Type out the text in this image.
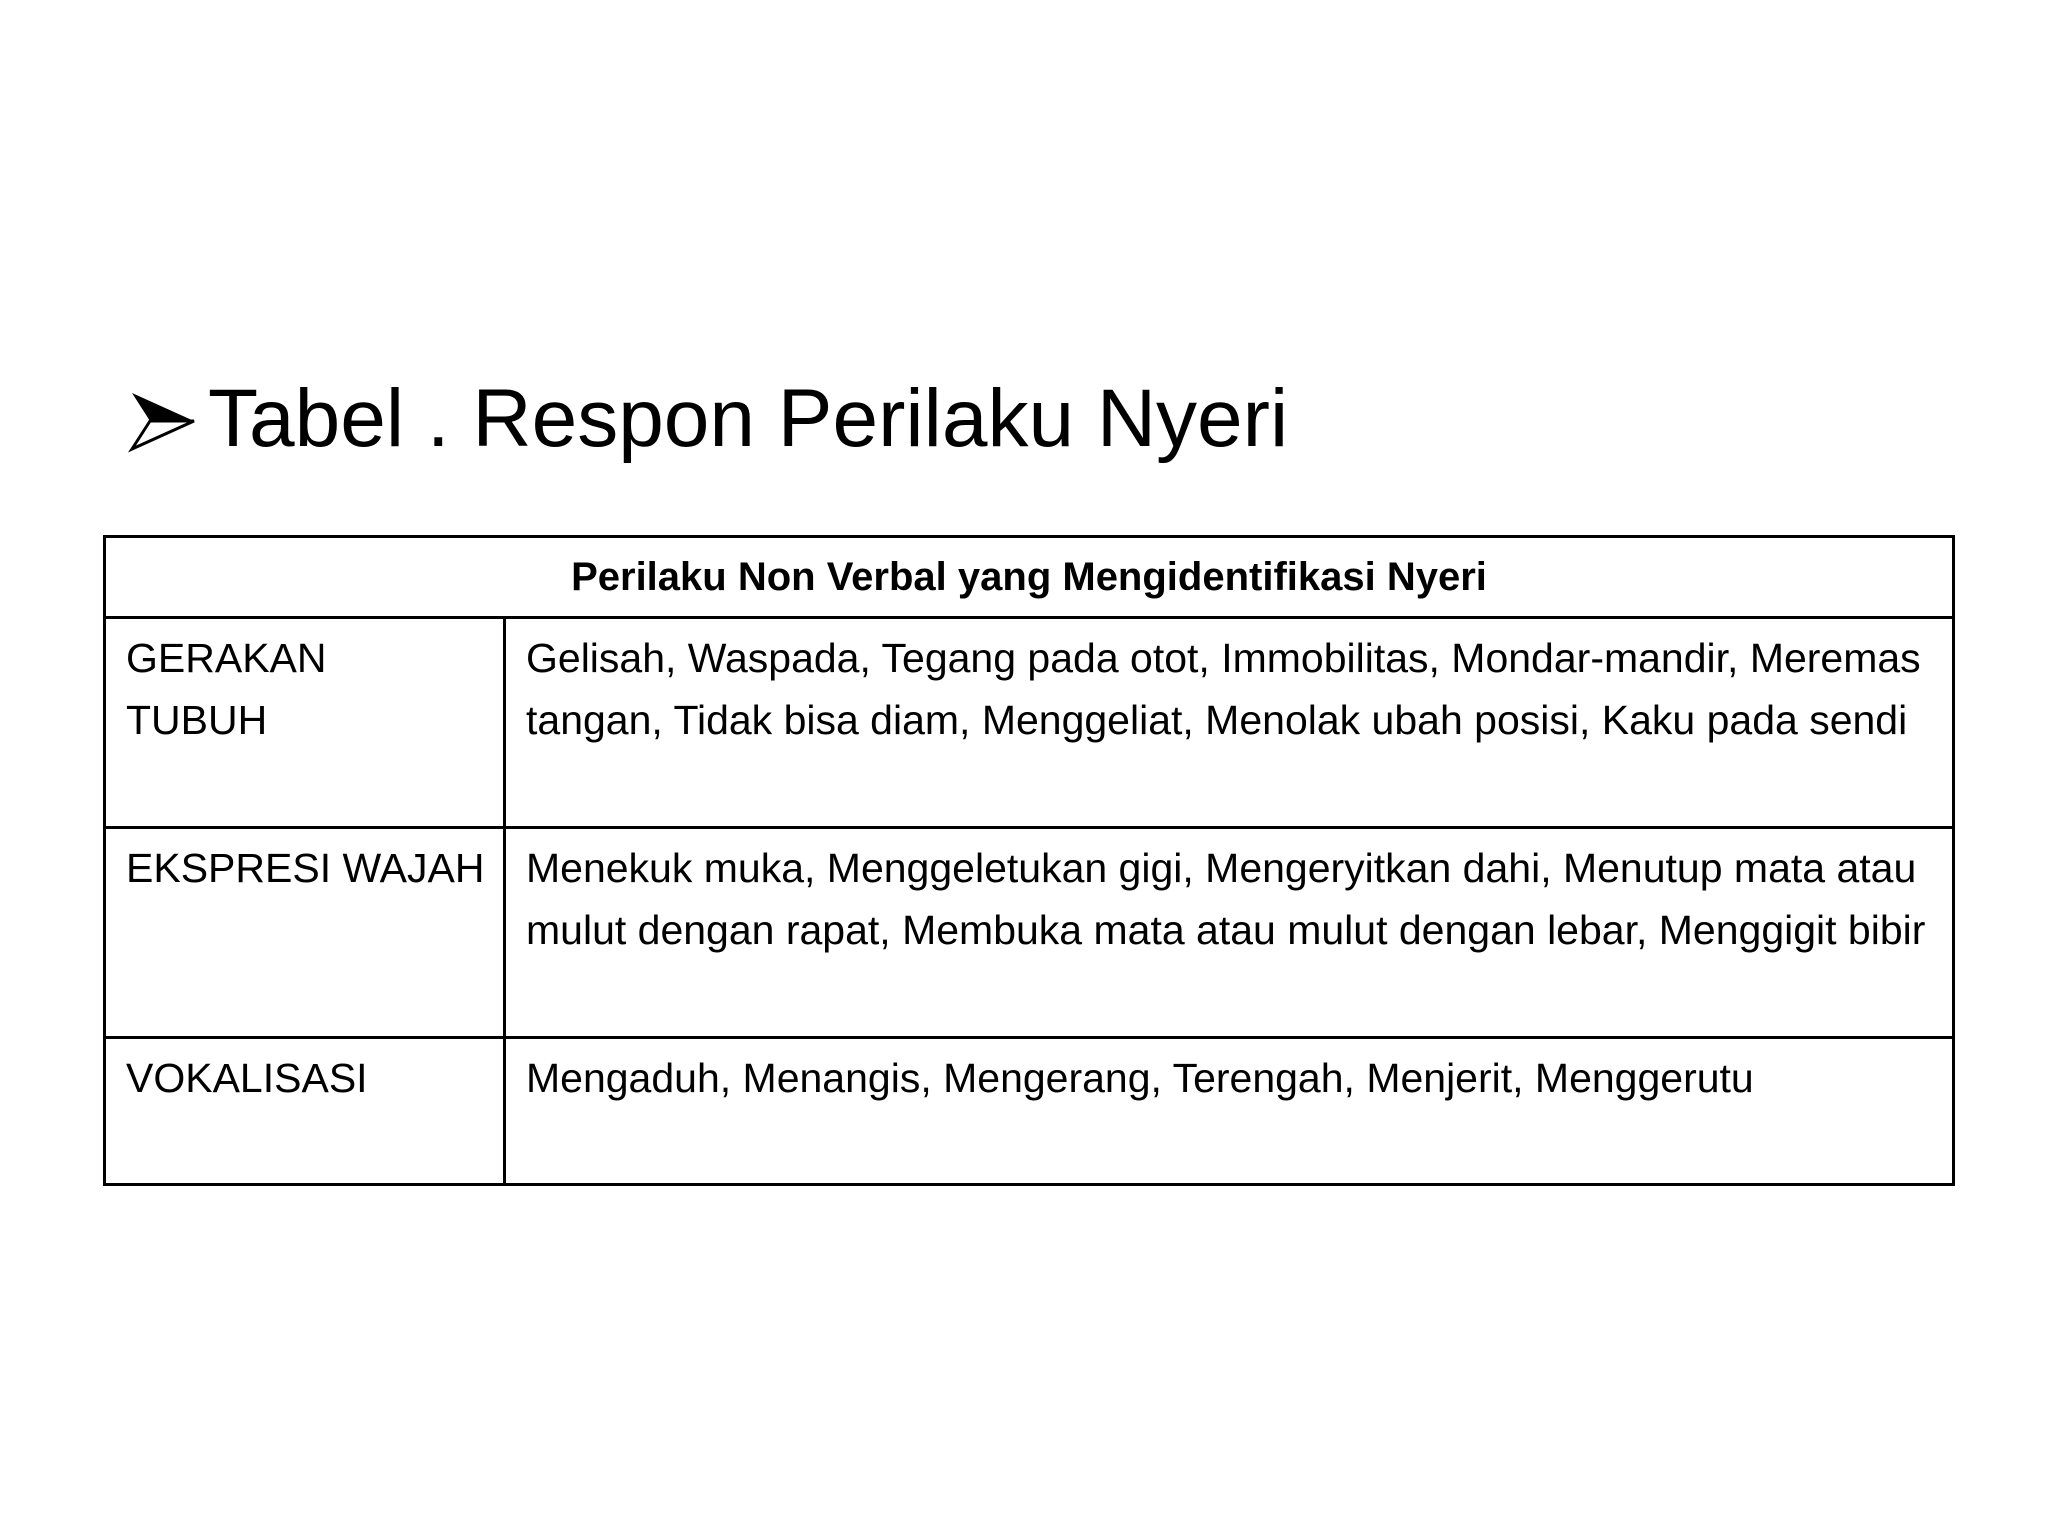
Tabel . Respon Perilaku Nyeri
Perilaku Non Verbal yang Mengidentifikasi Nyeri	
GERAKAN
TUBUH	Gelisah, Waspada, Tegang pada otot, Immobilitas, Mondar-mandir, Meremas tangan, Tidak bisa diam, Menggeliat, Menolak ubah posisi, Kaku pada sendi
EKSPRESI WAJAH	Menekuk muka, Menggeletukan gigi, Mengeryitkan dahi, Menutup mata atau mulut dengan rapat, Membuka mata atau mulut dengan lebar, Menggigit bibir
VOKALISASI	Mengaduh, Menangis, Mengerang, Terengah, Menjerit, Menggerutu
